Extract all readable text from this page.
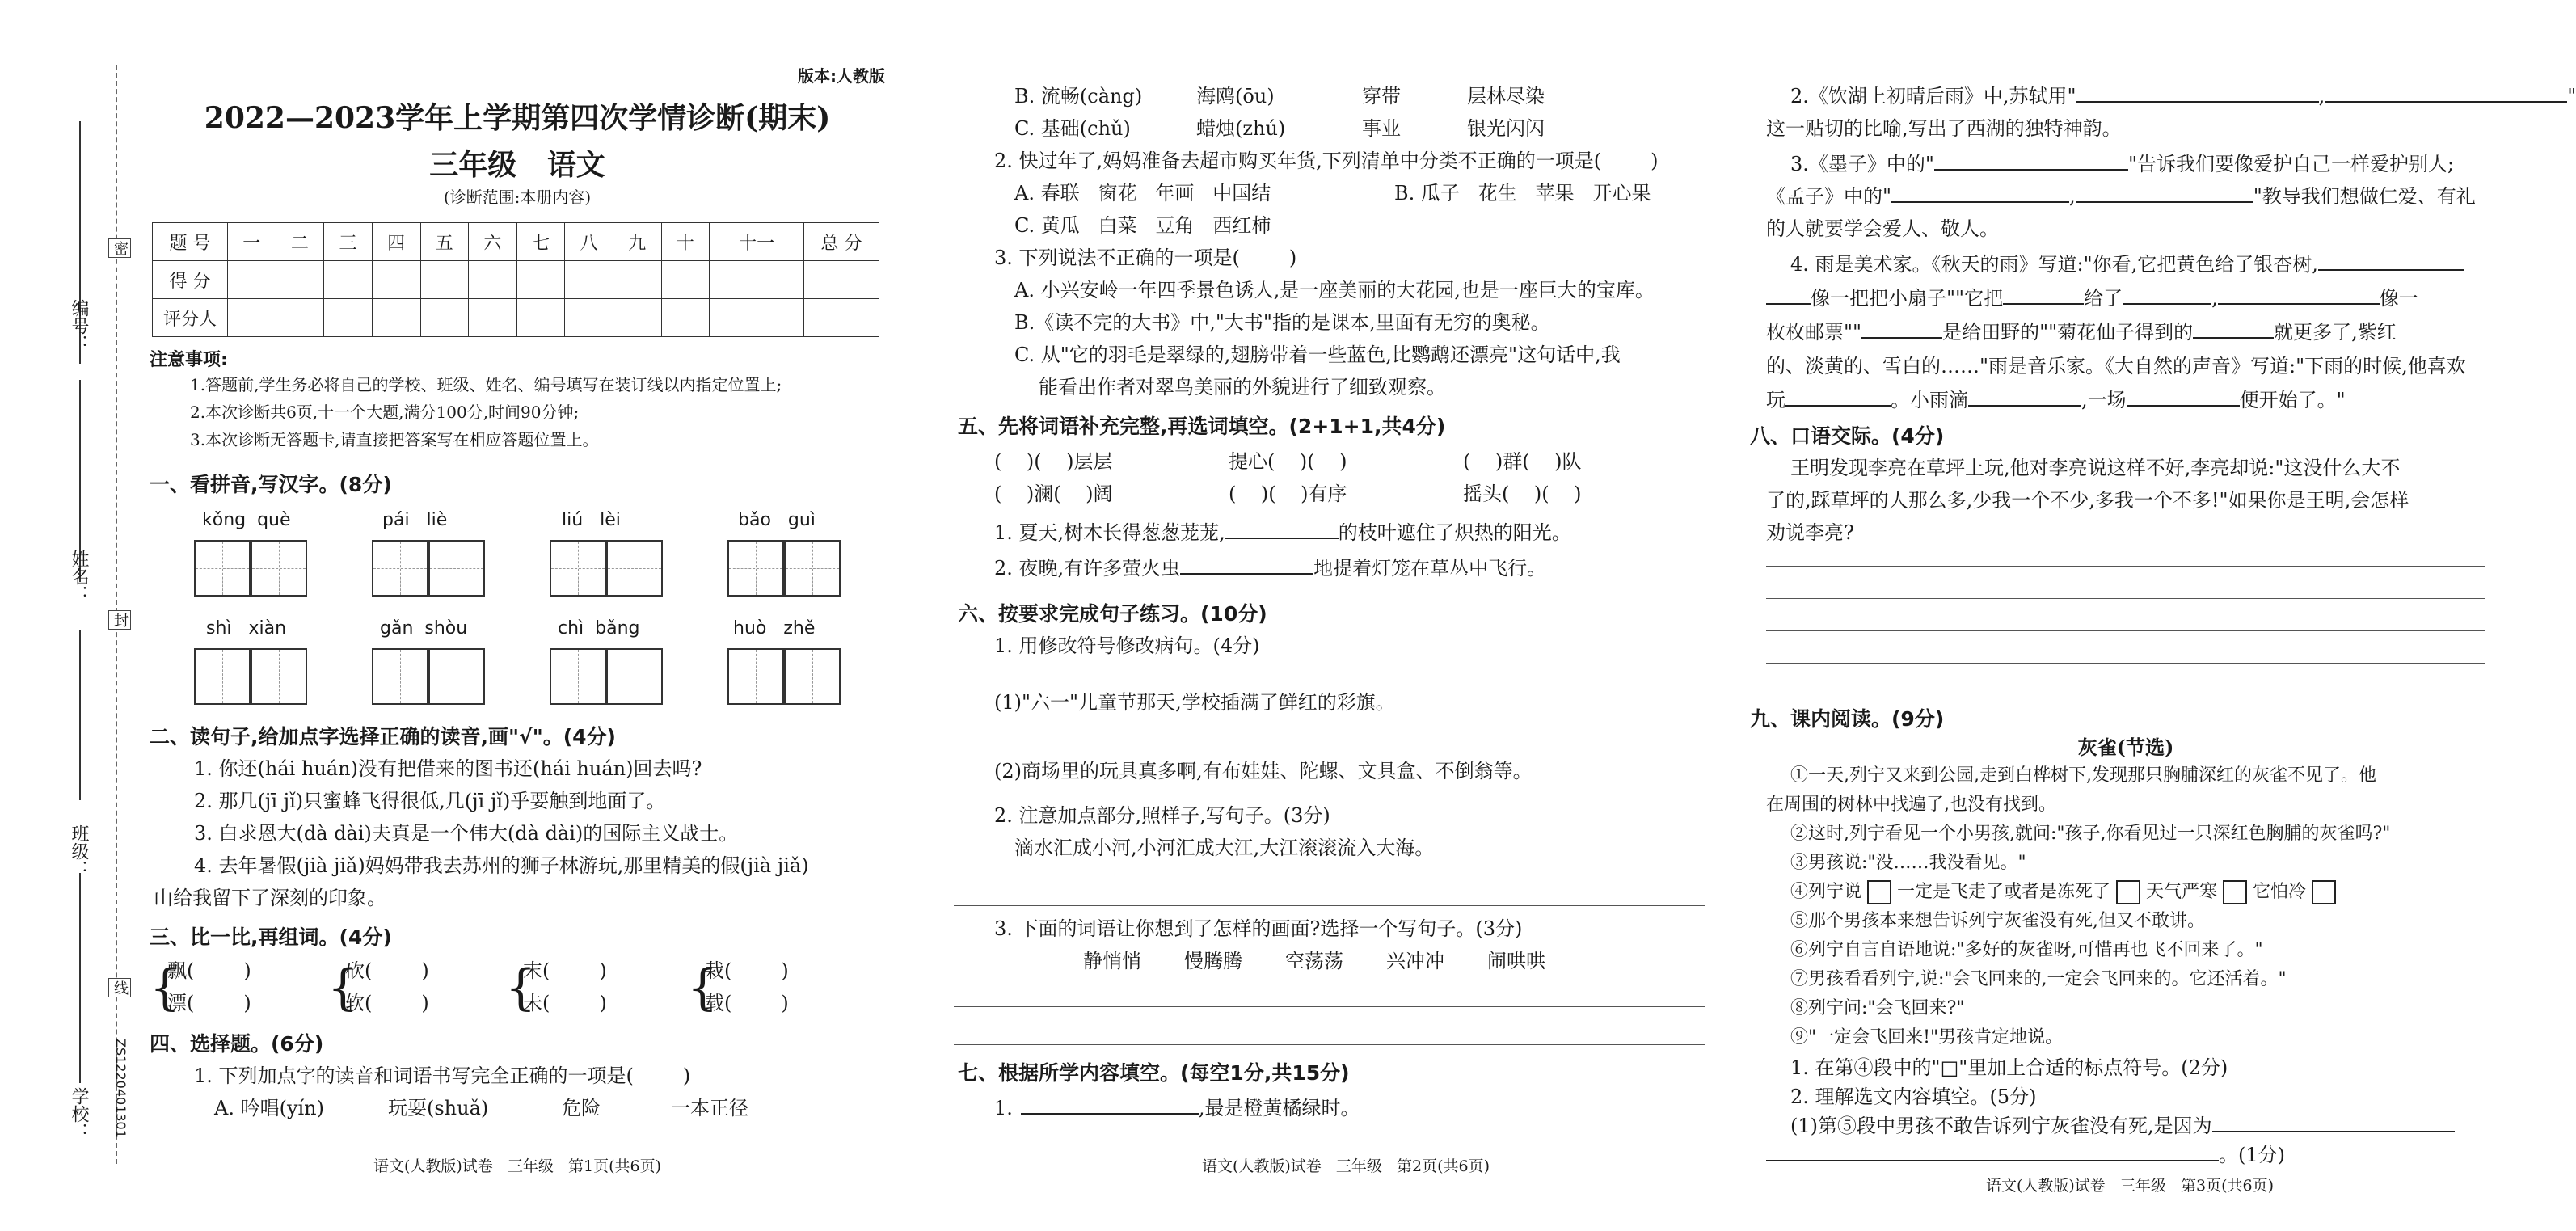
密
封
线
编号：
姓名：
班级：
学校： ZS1220401301
版本:人教版
2022—2023学年上学期第四次学情诊断(期末)
三年级   语文
(诊断范围:本册内容)
题 号	一	二	三	四	五	六	七	八	九	十	十一	总 分
得 分												
评分人												
注意事项:
1.答题前,学生务必将自己的学校、班级、姓名、编号填写在装订线以内指定位置上;
2.本次诊断共6页,十一个大题,满分100分,时间90分钟;
3.本次诊断无答题卡,请直接把答案写在相应答题位置上。
一、看拼音,写汉字。(8分)
kǒng  què	pái   liè	liú   lèi	bǎo   guì
shì   xiàn	gǎn  shòu	chì  bǎng	huò   zhě
二、读句子,给加点字选择正确的读音,画"√"。(4分)
1. 你还(hái huán)没有把借来的图书还(hái huán)回去吗?
2. 那几(jī jǐ)只蜜蜂飞得很低,几(jī jǐ)乎要触到地面了。
3. 白求恩大(dà dài)夫真是一个伟大(dà dài)的国际主义战士。
4. 去年暑假(jià jiǎ)妈妈带我去苏州的狮子林游玩,那里精美的假(jià jiǎ)
山给我留下了深刻的印象。
三、比一比,再组词。(4分)
{
飘(        )
漂(        ) {
砍(        )
软(        ) {
末(        )
未(        ) {
栽(        )
载(        )
四、选择题。(6分)
1. 下列加点字的读音和词语书写完全正确的一项是(        )
A. 吟唱(yín)	玩耍(shuǎ)	危险	一本正径
语文(人教版)试卷   三年级   第1页(共6页)
B. 流畅(càng)	海鸥(ōu)	穿带	层林尽染
C. 基础(chǔ)	蜡烛(zhú)	事业	银光闪闪
2. 快过年了,妈妈准备去超市购买年货,下列清单中分类不正确的一项是(        )
A. 春联   窗花   年画   中国结	B. 瓜子   花生   苹果   开心果
C. 黄瓜   白菜   豆角   西红柿
3. 下列说法不正确的一项是(        )
A. 小兴安岭一年四季景色诱人,是一座美丽的大花园,也是一座巨大的宝库。
B.《读不完的大书》中,"大书"指的是课本,里面有无穷的奥秘。
C. 从"它的羽毛是翠绿的,翅膀带着一些蓝色,比鹦鹉还漂亮"这句话中,我
能看出作者对翠鸟美丽的外貌进行了细致观察。
五、先将词语补充完整,再选词填空。(2+1+1,共4分)
(    )(    )层层	提心(    )(    )	(    )群(    )队
(    )澜(    )阔	(    )(    )有序	摇头(    )(    )
1. 夏天,树木长得葱葱茏茏,	的枝叶遮住了炽热的阳光。
2. 夜晚,有许多萤火虫	地提着灯笼在草丛中飞行。
六、按要求完成句子练习。(10分)
1. 用修改符号修改病句。(4分)
(1)"六一"儿童节那天,学校插满了鲜红的彩旗。
(2)商场里的玩具真多啊,有布娃娃、陀螺、文具盒、不倒翁等。
2. 注意加点部分,照样子,写句子。(3分)
滴水汇成小河,小河汇成大江,大江滚滚流入大海。
3. 下面的词语让你想到了怎样的画面?选择一个写句子。(3分)
静悄悄 慢腾腾 空荡荡 兴冲冲 闹哄哄
七、根据所学内容填空。(每空1分,共15分)
1.	,最是橙黄橘绿时。
语文(人教版)试卷   三年级   第2页(共6页)
2.《饮湖上初晴后雨》中,苏轼用"	,	"
这一贴切的比喻,写出了西湖的独特神韵。
3.《墨子》中的"	"告诉我们要像爱护自己一样爱护别人;
《孟子》中的"	,	"教导我们想做仁爱、有礼
的人就要学会爱人、敬人。
4. 雨是美术家。《秋天的雨》写道:"你看,它把黄色给了银杏树,
像一把把小扇子""它把	给了	,	像一
枚枚邮票""	是给田野的""菊花仙子得到的	就更多了,紫红
的、淡黄的、雪白的……"雨是音乐家。《大自然的声音》写道:"下雨的时候,他喜欢
玩	。小雨滴	,一场	便开始了。"
八、口语交际。(4分)
王明发现李亮在草坪上玩,他对李亮说这样不好,李亮却说:"这没什么大不
了的,踩草坪的人那么多,少我一个不少,多我一个不多!"如果你是王明,会怎样
劝说李亮?
九、课内阅读。(9分)
灰雀(节选)
①一天,列宁又来到公园,走到白桦树下,发现那只胸脯深红的灰雀不见了。他
在周围的树林中找遍了,也没有找到。
②这时,列宁看见一个小男孩,就问:"孩子,你看见过一只深红色胸脯的灰雀吗?"
③男孩说:"没……我没看见。"
④列宁说 一定是飞走了或者是冻死了 天气严寒 它怕冷
⑤那个男孩本来想告诉列宁灰雀没有死,但又不敢讲。
⑥列宁自言自语地说:"多好的灰雀呀,可惜再也飞不回来了。"
⑦男孩看看列宁,说:"会飞回来的,一定会飞回来的。它还活着。"
⑧列宁问:"会飞回来?"
⑨"一定会飞回来!"男孩肯定地说。
1. 在第④段中的"□"里加上合适的标点符号。(2分)
2. 理解选文内容填空。(5分)
(1)第⑤段中男孩不敢告诉列宁灰雀没有死,是因为
。(1分)
语文(人教版)试卷   三年级   第3页(共6页)
